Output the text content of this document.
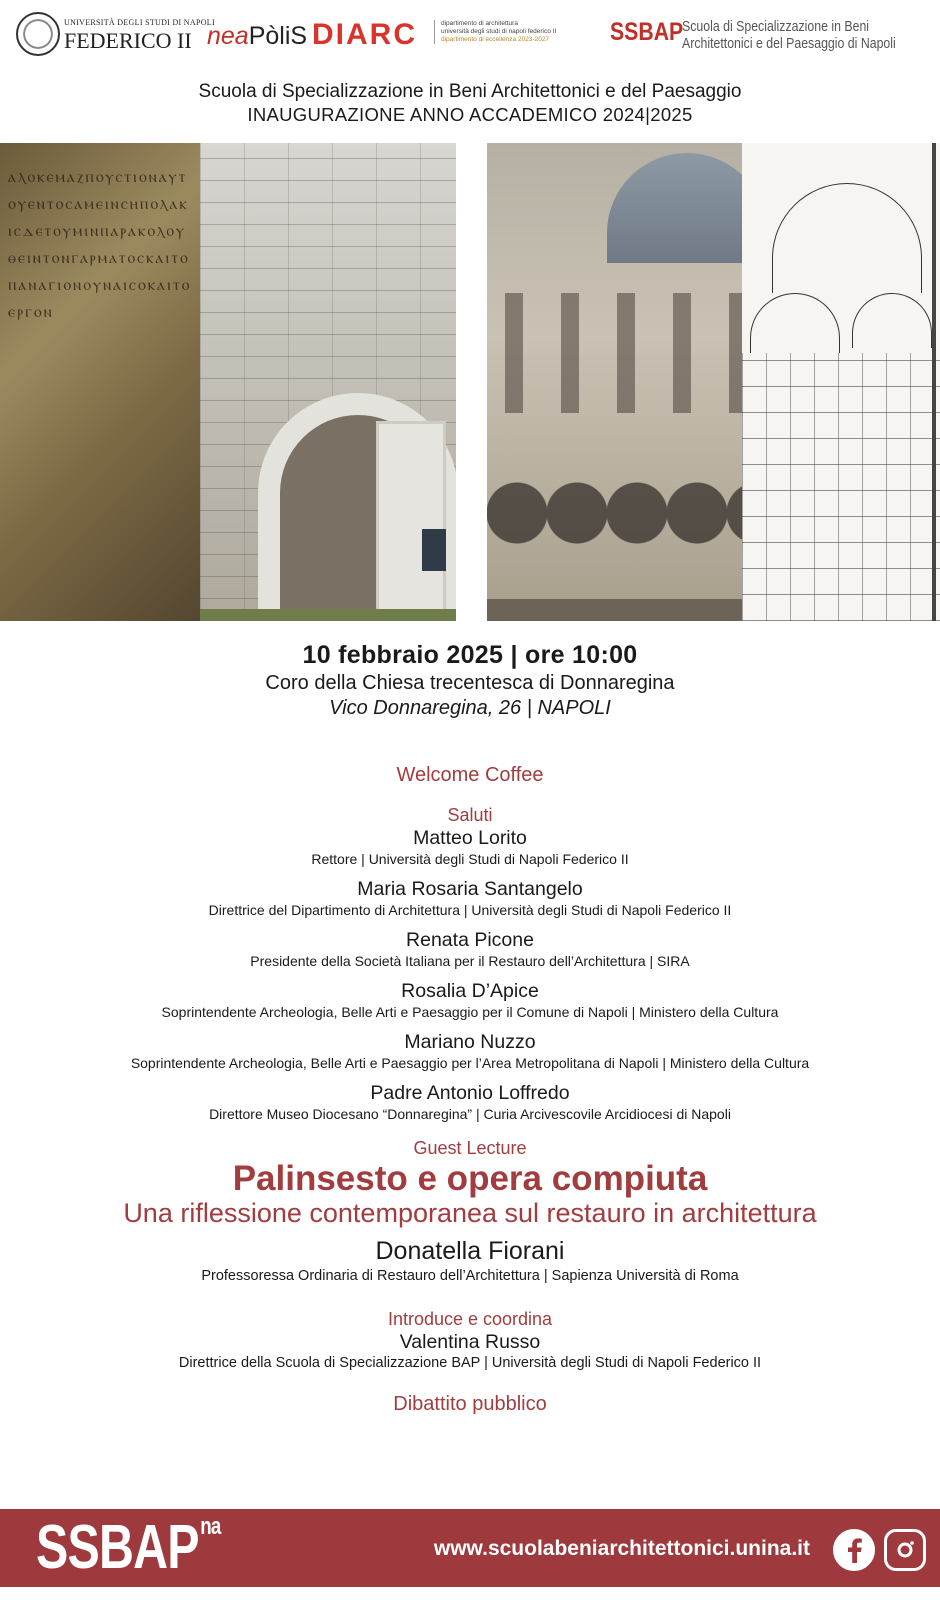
UNIVERSITÀ DEGLI STUDI DI NAPOLI
FEDERICO II neaPòliS DIARC	dipartimento di architettura
università degli studi di napoli federico II
dipartimento di eccellenza 2023-2027	SSBAP
Scuola di Specializzazione in Beni
Architettonici e del Paesaggio di Napoli
Scuola di Specializzazione in Beni Architettonici e del Paesaggio
INAUGURAZIONE ANNO ACCADEMICO 2024|2025
ⲁⲗⲟⲕⲉⲙⲁⲍⲡⲟⲩⲥⲧⲓⲟⲛⲁⲩⲧⲟⲩⲉⲛⲧⲟⲥⲁⲙⲉⲓⲛⲥⲏⲡⲟⲗⲁⲕⲓⲥⲇⲉⲧⲟⲩⲙⲓⲛⲡⲁⲣⲁⲕⲟⲗⲟⲩⲑⲉⲓⲛⲧⲟⲛⲅⲁⲣⲙⲁⲧⲟⲥⲕⲁⲓⲧⲟⲡⲁⲛⲁⲅⲓⲟⲛⲟⲩⲛⲁⲓⲥⲟⲕⲁⲓⲧⲟⲉⲣⲅⲟⲛ
10 febbraio 2025 | ore 10:00
Coro della Chiesa trecentesca di Donnaregina
Vico Donnaregina, 26 | NAPOLI
Welcome Coffee
Saluti
Matteo Lorito
Rettore | Università degli Studi di Napoli Federico II
Maria Rosaria Santangelo
Direttrice del Dipartimento di Architettura | Università degli Studi di Napoli Federico II
Renata Picone
Presidente della Società Italiana per il Restauro dell’Architettura | SIRA
Rosalia D’Apice
Soprintendente Archeologia, Belle Arti e Paesaggio per il Comune di Napoli | Ministero della Cultura
Mariano Nuzzo
Soprintendente Archeologia, Belle Arti e Paesaggio per l’Area Metropolitana di Napoli | Ministero della Cultura
Padre Antonio Loffredo
Direttore Museo Diocesano “Donnaregina” | Curia Arcivescovile Arcidiocesi di Napoli
Guest Lecture
Palinsesto e opera compiuta
Una riflessione contemporanea sul restauro in architettura
Donatella Fiorani
Professoressa Ordinaria di Restauro dell’Architettura | Sapienza Università di Roma
Introduce e coordina
Valentina Russo
Direttrice della Scuola di Specializzazione BAP | Università degli Studi di Napoli Federico II
Dibattito pubblico
$SSBAP^{na}$
www.scuolabeniarchitettonici.unina.it
